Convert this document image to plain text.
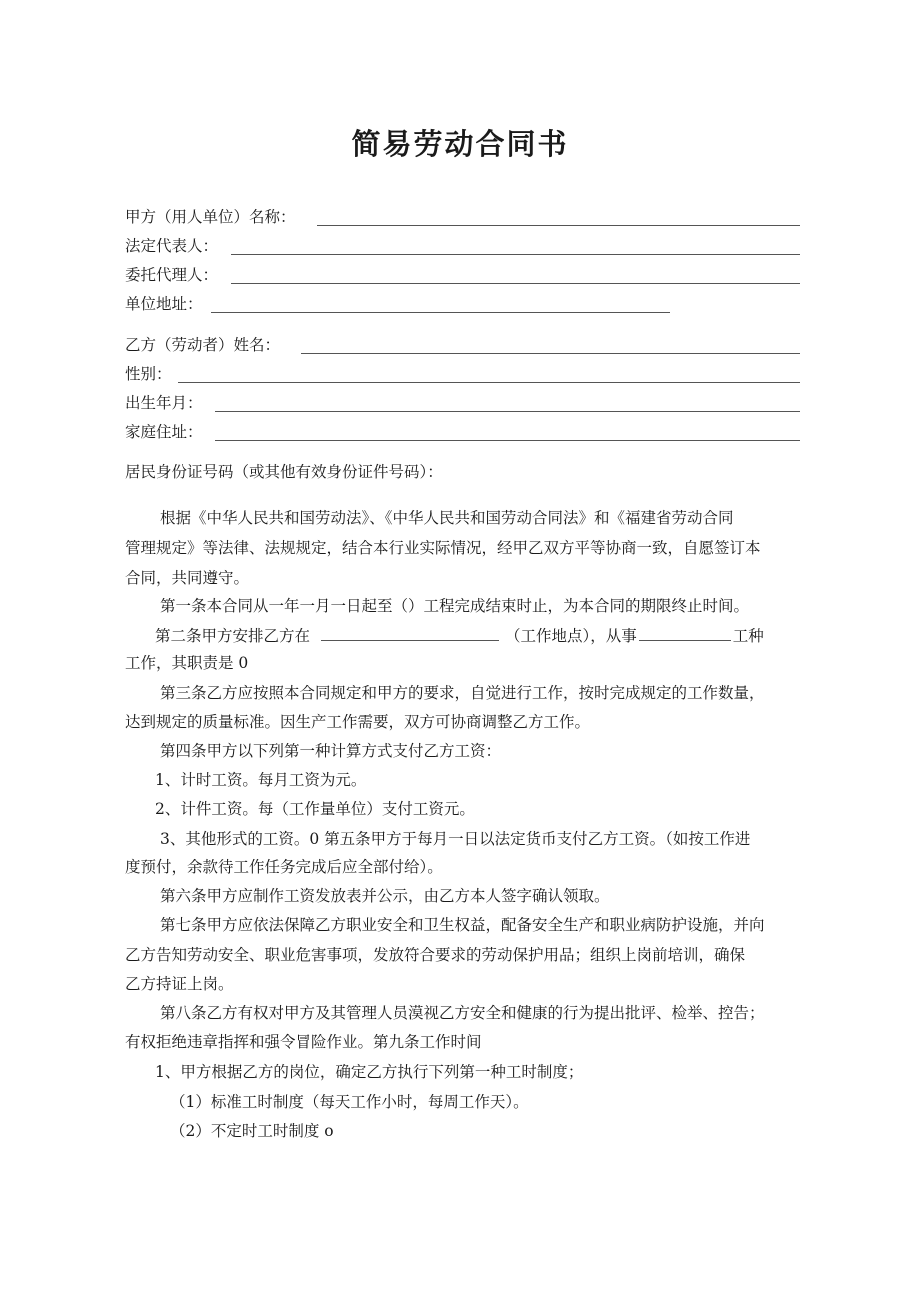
简易劳动合同书
甲方（用人单位）名称：
法定代表人：
委托代理人：
单位地址：
乙方（劳动者）姓名：
性别：
出生年月：
家庭住址：
居民身份证号码（或其他有效身份证件号码）：
根据《中华人民共和国劳动法》、《中华人民共和国劳动合同法》和《福建省劳动合同
管理规定》等法律、法规规定，结合本行业实际情况，经甲乙双方平等协商一致，自愿签订本
合同，共同遵守。
第一条本合同从一年一月一日起至（）工程完成结束时止，为本合同的期限终止时间。
第二条甲方安排乙方在	（工作地点），从事	工种
工作，其职责是 0
第三条乙方应按照本合同规定和甲方的要求，自觉进行工作，按时完成规定的工作数量，
达到规定的质量标准。因生产工作需要，双方可协商调整乙方工作。
第四条甲方以下列第一种计算方式支付乙方工资：
1、计时工资。每月工资为元。
2、计件工资。每（工作量单位）支付工资元。
3、其他形式的工资。0 第五条甲方于每月一日以法定货币支付乙方工资。（如按工作进
度预付，余款待工作任务完成后应全部付给）。
第六条甲方应制作工资发放表并公示，由乙方本人签字确认领取。
第七条甲方应依法保障乙方职业安全和卫生权益，配备安全生产和职业病防护设施，并向
乙方告知劳动安全、职业危害事项，发放符合要求的劳动保护用品；组织上岗前培训，确保
乙方持证上岗。
第八条乙方有权对甲方及其管理人员漠视乙方安全和健康的行为提出批评、检举、控告；
有权拒绝违章指挥和强令冒险作业。第九条工作时间
1、甲方根据乙方的岗位，确定乙方执行下列第一种工时制度；
（1）标准工时制度（每天工作小时，每周工作天）。
（2）不定时工时制度 o
